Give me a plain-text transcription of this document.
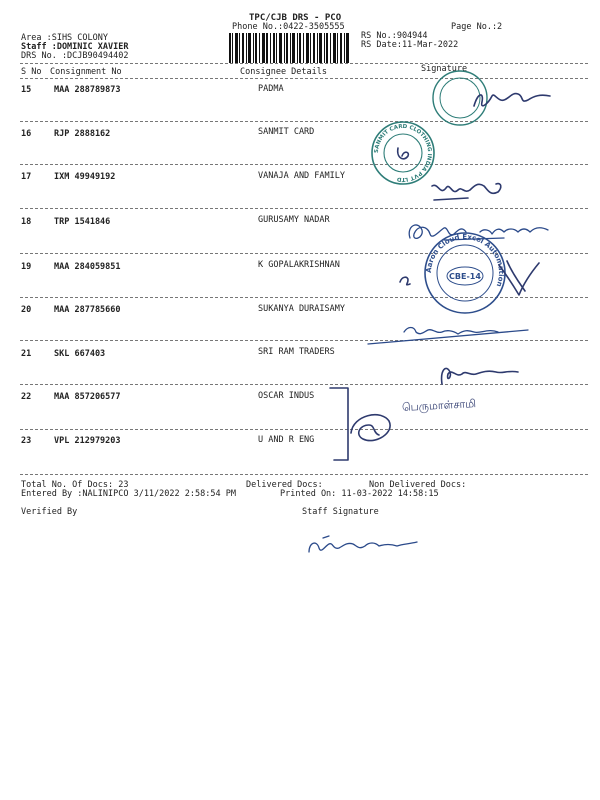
TPC/CJB DRS - PCO
Phone No.:0422-3505555	Page No.:2
Area :SIHS COLONY
Staff :DOMINIC XAVIER
DRS No. :DCJB90494402
RS No.:904944
RS Date:11-Mar-2022
S No Consignment No	Consignee Details	Signature
15	MAA 288789873	PADMA
16	RJP 2888162	SANMIT CARD
17	IXM 49949192	VANAJA AND FAMILY
18	TRP 1541846	GURUSAMY NADAR
19	MAA 284059851	K GOPALAKRISHNAN
20	MAA 287785660	SUKANYA DURAISAMY
21	SKL 667403	SRI RAM TRADERS
22	MAA 857206577	OSCAR INDUS
23	VPL 212979203	U AND R ENG
Total No. Of Docs: 23	Delivered Docs:	Non Delivered Docs:
Entered By :NALINIPCO 3/11/2022 2:58:54 PM	Printed On: 11-03-2022 14:58:15
Verified By	Staff Signature
SANMIT CARD CLOTHING INDIA PVT LTD
Aaron Cloud Excel Automation
CBE-14
பெருமாள்சாமி
